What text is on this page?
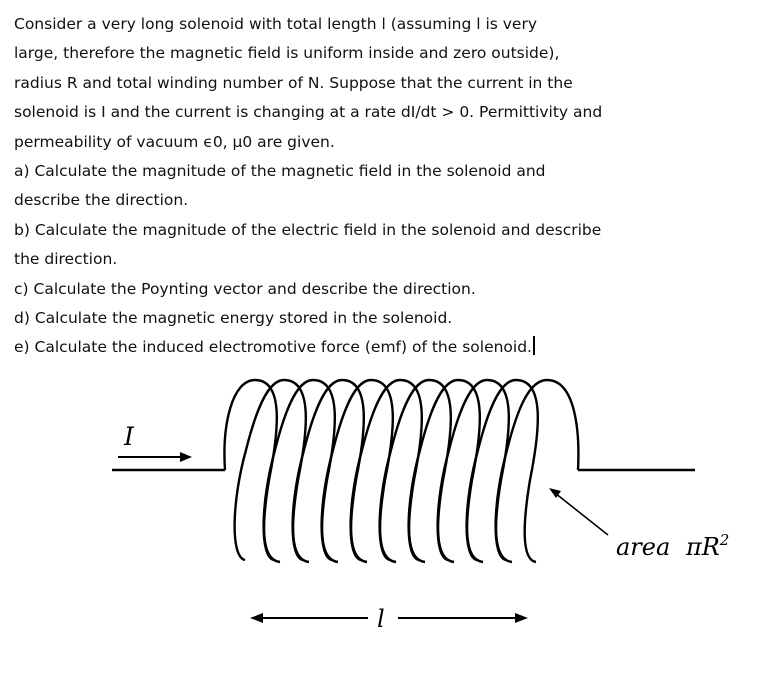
Consider a very long solenoid with total length l (assuming l is very

large, therefore the magnetic field is uniform inside and zero outside),

radius R and total winding number of N. Suppose that the current in the

solenoid is I and the current is changing at a rate dI/dt > 0. Permittivity and

permeability of vacuum ϵ0, μ0 are given.

a) Calculate the magnitude of the magnetic field in the solenoid and

describe the direction.

b) Calculate the magnitude of the electric field in the solenoid and describe

the direction.

c) Calculate the Poynting vector and describe the direction.

d) Calculate the magnetic energy stored in the solenoid.

e) Calculate the induced electromotive force (emf) of the solenoid.

I
area $\pi R^2$
l
